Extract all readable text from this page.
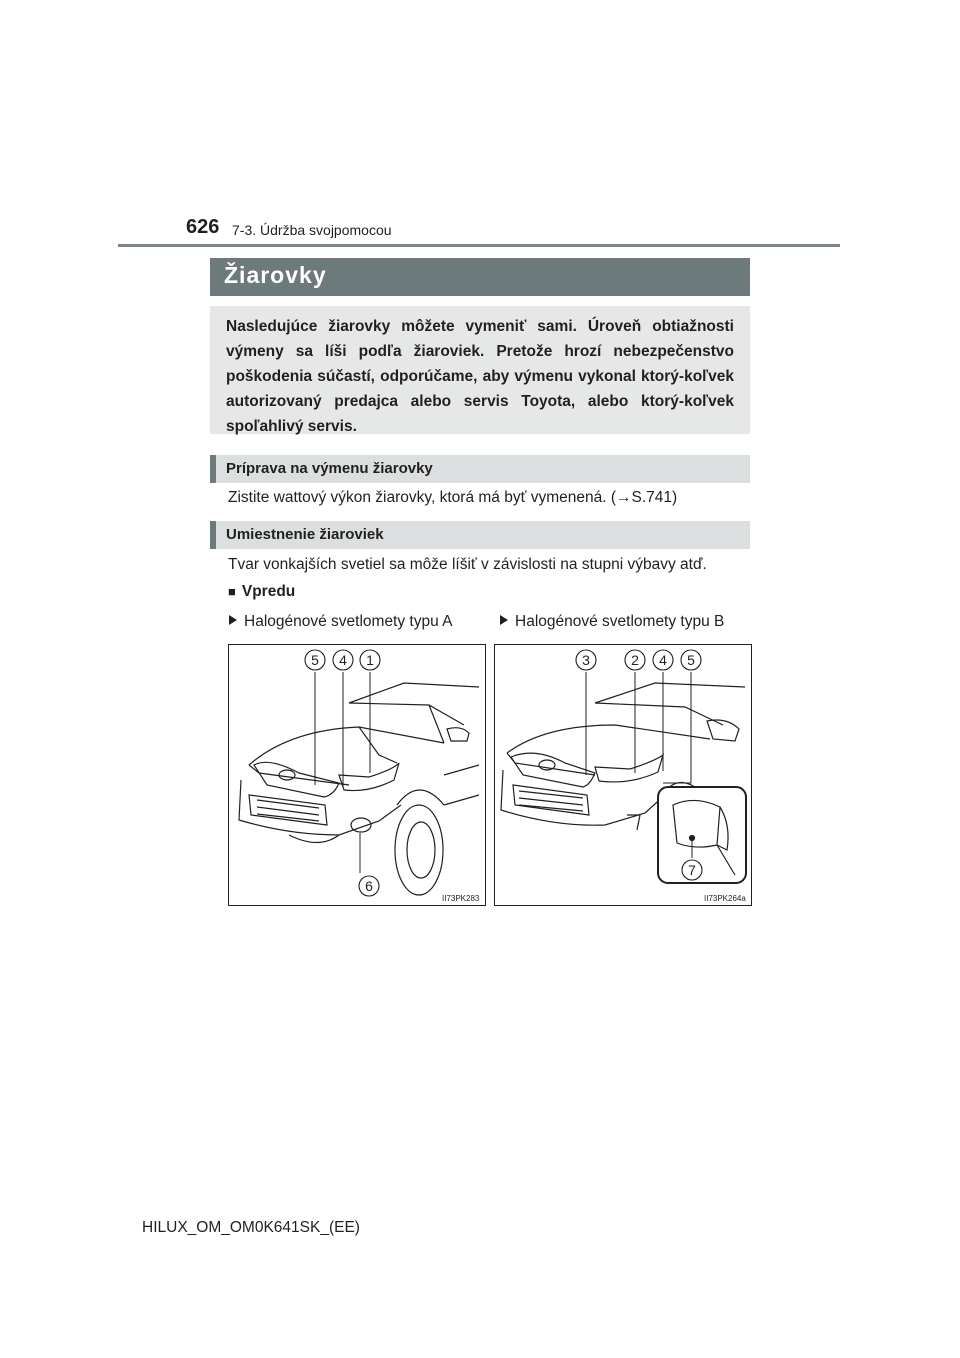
626 7-3. Údržba svojpomocou
Žiarovky
Nasledujúce žiarovky môžete vymeniť sami. Úroveň obtiažnosti výmeny sa líši podľa žiaroviek. Pretože hrozí nebezpečenstvo poškodenia súčastí, odporúčame, aby výmenu vykonal ktorý-koľvek autorizovaný predajca alebo servis Toyota, alebo ktorý-koľvek spoľahlivý servis.
Príprava na výmenu žiarovky
Zistite wattový výkon žiarovky, ktorá má byť vymenená. (→S.741)
Umiestnenie žiaroviek
Tvar vonkajších svetiel sa môže líšiť v závislosti na stupni výbavy atď.
■ Vpredu
Halogénové svetlomety typu A	Halogénové svetlomety typu B
5 4 1
6
II73PK283
3	2 4 5
7
II73PK264a
HILUX_OM_OM0K641SK_(EE)
